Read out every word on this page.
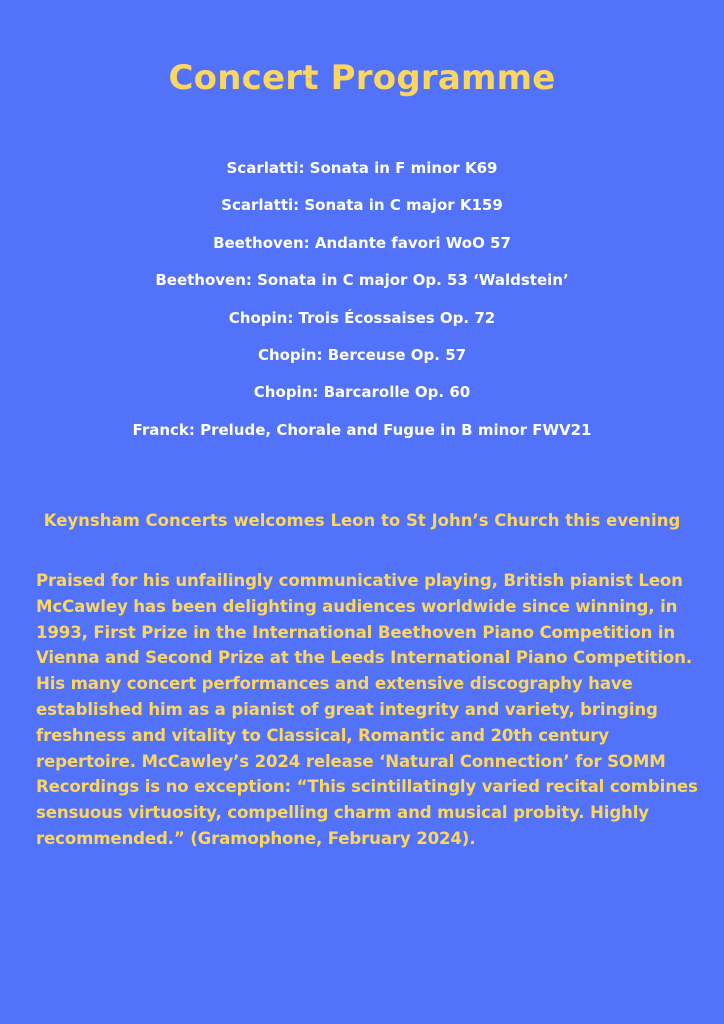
Concert Programme
Scarlatti: Sonata in F minor K69
Scarlatti: Sonata in C major K159
Beethoven: Andante favori WoO 57
Beethoven: Sonata in C major Op. 53 ‘Waldstein’
Chopin: Trois Écossaises Op. 72
Chopin: Berceuse Op. 57
Chopin: Barcarolle Op. 60
Franck: Prelude, Chorale and Fugue in B minor FWV21

Keynsham Concerts welcomes Leon to St John’s Church this evening

Praised for his unfailingly communicative playing, British pianist Leon McCawley has been delighting audiences worldwide since winning, in 1993, First Prize in the International Beethoven Piano Competition in Vienna and Second Prize at the Leeds International Piano Competition. His many concert performances and extensive discography have established him as a pianist of great integrity and variety, bringing freshness and vitality to Classical, Romantic and 20th century repertoire. McCawley’s 2024 release ‘Natural Connection’ for SOMM Recordings is no exception: “This scintillatingly varied recital combines sensuous virtuosity, compelling charm and musical probity. Highly recommended.” (Gramophone, February 2024).
